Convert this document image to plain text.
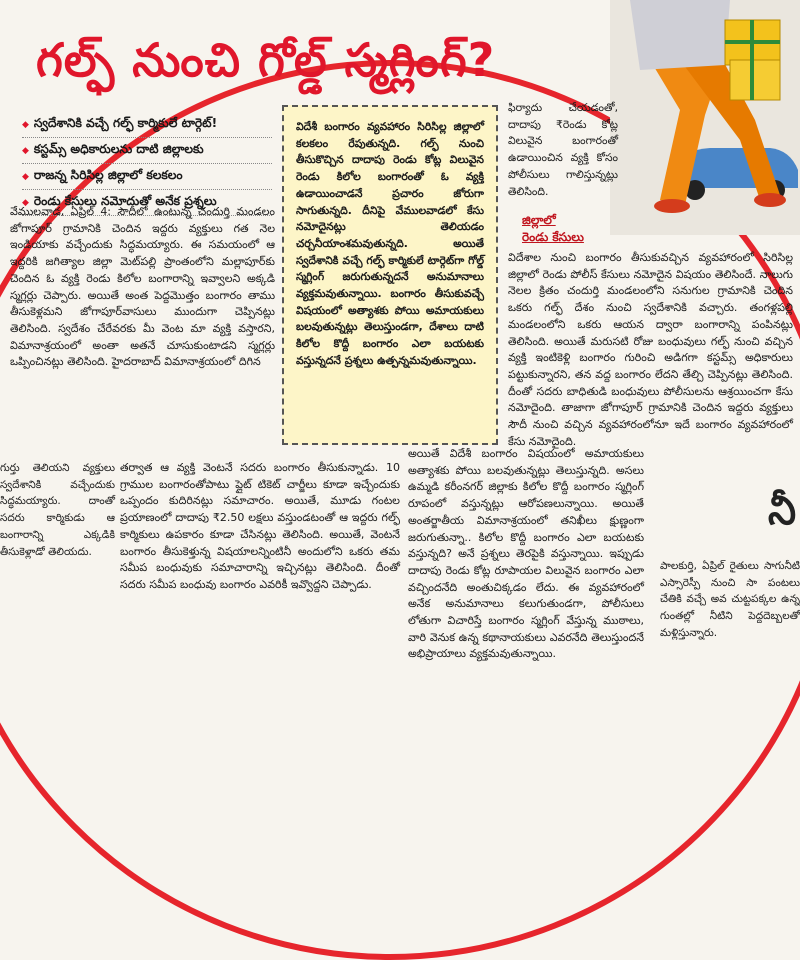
గల్ఫ్ నుంచి గోల్డ్ స్మగ్లింగ్?
◆ స్వదేశానికి వచ్చే గల్ఫ్ కార్మికులే టార్గెట్!
◆ కస్టమ్స్ అధికారులను దాటి జిల్లాలకు
◆ రాజన్న సిరిసిల్ల జిల్లాలో కలకలం
◆ రెండు కేసులు నమోదుతో అనేక ప్రశ్నలు

వేములవాడ, ఏప్రిల్ 4: సౌదీలో ఉంటున్న చందుర్తి మండలం జోగాపూర్ గ్రామానికి చెందిన ఇద్దరు వ్యక్తులు గత నెల ఇండియాకు వచ్చేందుకు సిద్ధమయ్యారు. ఈ సమయంలో ఆ ఇద్దరికి జగిత్యాల జిల్లా మెట్‌పల్లి ప్రాంతంలోని మల్లాపూర్‌కు చెందిన ఓ వ్యక్తి రెండు కిలోల బంగారాన్ని ఇవ్వాలని అక్కడి స్మగ్లర్లు చెప్పారు. అయితే అంత పెద్దమొత్తం బంగారం తాము తీసుకెళ్లమని జోగాపూర్‌వాసులు ముందుగా చెప్పినట్లు తెలిసింది. స్వదేశం చేరేవరకు మీ వెంట మా వ్యక్తి వస్తారని, విమానాశ్రయంలో అంతా అతనే చూసుకుంటాడని స్మగ్లర్లు ఒప్పించినట్లు తెలిసింది. హైదరాబాద్ విమానాశ్రయంలో దిగిన

గుర్తు తెలియని వ్యక్తులు స్వదేశానికి వచ్చేందుకు సిద్ధమయ్యారు. దాంతో సదరు కార్మికుడు ఆ బంగారాన్ని ఎక్కడికి తీసుకెళ్లాడో తెలియదు.

తర్వాత ఆ వ్యక్తి వెంటనే సదరు బంగారం తీసుకున్నాడు. 10 గ్రాముల బంగారంతోపాటు ప్లైట్ టికెట్ చార్జీలు కూడా ఇచ్చేందుకు ఒప్పందం కుదిరినట్లు సమాచారం. అయితే, మూడు గంటల ప్రయాణంలో దాదాపు ₹2.50 లక్షలు వస్తుండటంతో ఆ ఇద్దరు గల్ఫ్ కార్మికులు ఉపకారం కూడా చేసినట్లు తెలిసింది. అయితే, వెంటనే బంగారం తీసుకెళ్తున్న విషయాలన్నింటినీ అందులోని ఒకరు తమ సమీప బంధువుకు సమాచారాన్ని ఇచ్చినట్లు తెలిసింది. దీంతో సదరు సమీప బంధువు బంగారం ఎవరికీ ఇవ్వొద్దని చెప్పాడు.

విదేశీ బంగారం వ్యవహారం సిరిసిల్ల జిల్లాలో కలకలం రేపుతున్నది. గల్ఫ్ నుంచి తీసుకొచ్చిన దాదాపు రెండు కోట్ల విలువైన రెండు కిలోల బంగారంతో ఓ వ్యక్తి ఉడాయించాడనే ప్రచారం జోరుగా సాగుతున్నది. దీనిపై వేములవాడలో కేసు నమోదైనట్లు తెలియడం చర్చనీయాంశమవుతున్నది. అయితే స్వదేశానికి వచ్చే గల్ఫ్ కార్మికులే టార్గెట్‌గా గోల్డ్ స్మగ్లింగ్ జరుగుతున్నదనే అనుమానాలు వ్యక్తమవుతున్నాయి. బంగారం తీసుకువచ్చే విషయంలో అత్యాశకు పోయి అమాయకులు బలవుతున్నట్లు తెలుస్తుండగా, దేశాలు దాటి కిలోల కొద్దీ బంగారం ఎలా బయటకు వస్తున్నదనే ప్రశ్నలు ఉత్పన్నమవుతున్నాయి.

ఫిర్యాదు చేయడంతో, దాదాపు ₹రెండు కోట్ల విలువైన బంగారంతో ఉడాయించిన వ్యక్తి కోసం పోలీసులు గాలిస్తున్నట్లు తెలిసింది.

జిల్లాలో
రెండు కేసులు

విదేశాల నుంచి బంగారం తీసుకువచ్చిన వ్యవహారంలో సిరిసిల్ల జిల్లాలో రెండు పోలీస్ కేసులు నమోదైన విషయం తెలిసిందే. నాలుగు నెలల క్రితం చందుర్తి మండలంలోని సనుగుల గ్రామానికి చెందిన ఒకరు గల్ఫ్ దేశం నుంచి స్వదేశానికి వచ్చారు. తంగళ్లపల్లి మండలంలోని ఒకరు ఆయన ద్వారా బంగారాన్ని పంపినట్లు తెలిసింది. అయితే మరుసటి రోజు బంధువులు గల్ఫ్ నుంచి వచ్చిన వ్యక్తి ఇంటికెళ్లి బంగారం గురించి అడిగగా కస్టమ్స్ అధికారులు పట్టుకున్నారని, తన వద్ద బంగారం లేదని తేల్చి చెప్పినట్లు తెలిసింది. దీంతో సదరు బాధితుడి బంధువులు పోలీసులను ఆశ్రయించగా కేసు నమోదైంది. తాజాగా జోగాపూర్ గ్రామానికి చెందిన ఇద్దరు వ్యక్తులు సౌదీ నుంచి వచ్చిన వ్యవహారంలోనూ ఇదే బంగారం వ్యవహారంలో కేసు నమోదైంది.

అయితే విదేశీ బంగారం విషయంలో అమాయకులు అత్యాశకు పోయి బలవుతున్నట్లు తెలుస్తున్నది. అసలు ఉమ్మడి కరీంనగర్ జిల్లాకు కిలోల కొద్దీ బంగారం స్మగ్లింగ్ రూపంలో వస్తున్నట్లు ఆరోపణలున్నాయి. అయితే అంతర్జాతీయ విమానాశ్రయంలో తనిఖీలు క్షుణ్ణంగా జరుగుతున్నా.. కిలోల కొద్దీ బంగారం ఎలా బయటకు వస్తున్నది? అనే ప్రశ్నలు తెరపైకి వస్తున్నాయి. ఇప్పుడు దాదాపు రెండు కోట్ల రూపాయల విలువైన బంగారం ఎలా వచ్చిందనేది అంతుచిక్కడం లేదు. ఈ వ్యవహారంలో అనేక అనుమానాలు కలుగుతుండగా, పోలీసులు లోతుగా విచారిస్తే బంగారం స్మగ్లింగ్ వేస్తున్న ముఠాలు, వారి వెనుక ఉన్న కథానాయకులు ఎవరనేది తెలుస్తుందనే అభిప్రాయాలు వ్యక్తమవుతున్నాయి.

నీ

పాలకుర్తి, ఏప్రిల్ రైతులు సాగునీటి ఎస్సారెస్పీ నుంచి సా పంటలు చేతికి వచ్చే అవ చుట్టపక్కల ఉన్న గుంతల్లో నీటిని పెద్దదెబ్బలతో మళ్లిస్తున్నారు.
